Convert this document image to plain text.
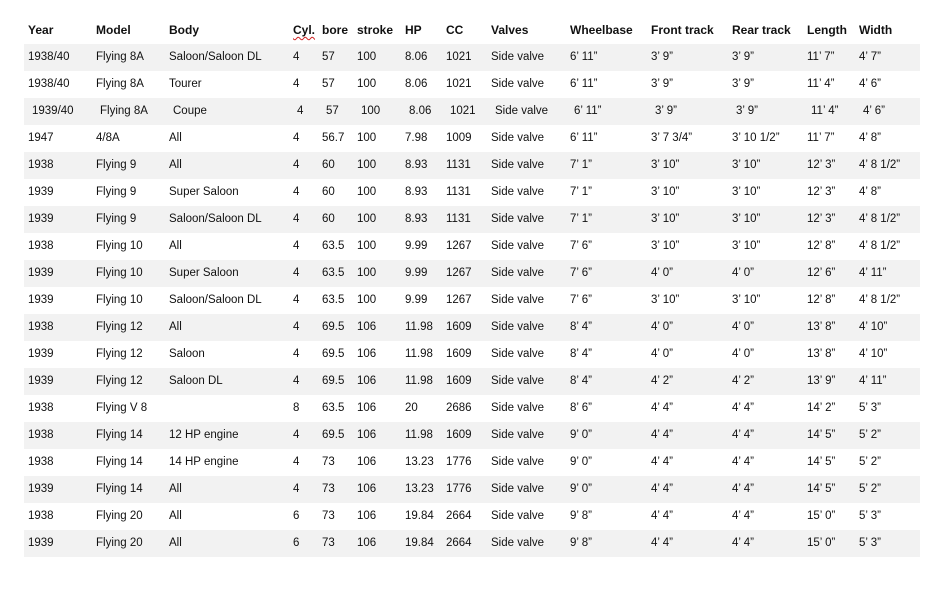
Year	Model	Body	Cyl.	bore	stroke	HP	CC	Valves	Wheelbase	Front track	Rear track	Length	Width
1938/40	Flying 8A	Saloon/Saloon DL	4	57	100	8.06	1021	Side valve	6’ 11”	3’ 9”	3’ 9”	11’ 7”	4’ 7”
1938/40	Flying 8A	Tourer	4	57	100	8.06	1021	Side valve	6’ 11”	3’ 9”	3’ 9”	11’ 4”	4’ 6”
1939/40	Flying 8A	Coupe	4	57	100	8.06	1021	Side valve	6’ 11”	3’ 9”	3’ 9”	11’ 4”	4’ 6”
1947	4/8A	All	4	56.7	100	7.98	1009	Side valve	6’ 11”	3’ 7 3/4”	3’ 10 1/2”	11’ 7”	4’ 8”
1938	Flying 9	All	4	60	100	8.93	1131	Side valve	7’ 1”	3’ 10”	3’ 10”	12’ 3”	4’ 8 1/2”
1939	Flying 9	Super Saloon	4	60	100	8.93	1131	Side valve	7’ 1”	3’ 10”	3’ 10”	12’ 3”	4’ 8”
1939	Flying 9	Saloon/Saloon DL	4	60	100	8.93	1131	Side valve	7’ 1”	3’ 10”	3’ 10”	12’ 3”	4’ 8 1/2”
1938	Flying 10	All	4	63.5	100	9.99	1267	Side valve	7’ 6”	3’ 10”	3’ 10”	12’ 8”	4’ 8 1/2”
1939	Flying 10	Super Saloon	4	63.5	100	9.99	1267	Side valve	7’ 6”	4’ 0”	4’ 0”	12’ 6”	4’ 11”
1939	Flying 10	Saloon/Saloon DL	4	63.5	100	9.99	1267	Side valve	7’ 6”	3’ 10”	3’ 10”	12’ 8”	4’ 8 1/2”
1938	Flying 12	All	4	69.5	106	11.98	1609	Side valve	8’ 4”	4’ 0”	4’ 0”	13’ 8”	4’ 10”
1939	Flying 12	Saloon	4	69.5	106	11.98	1609	Side valve	8’ 4”	4’ 0”	4’ 0”	13’ 8”	4’ 10”
1939	Flying 12	Saloon DL	4	69.5	106	11.98	1609	Side valve	8’ 4”	4’ 2”	4’ 2”	13’ 9”	4’ 11”
1938	Flying V 8		8	63.5	106	20	2686	Side valve	8’ 6”	4’ 4”	4’ 4”	14’ 2”	5’ 3”
1938	Flying 14	12 HP engine	4	69.5	106	11.98	1609	Side valve	9’ 0”	4’ 4”	4’ 4”	14’ 5”	5’ 2”
1938	Flying 14	14 HP engine	4	73	106	13.23	1776	Side valve	9’ 0”	4’ 4”	4’ 4”	14’ 5”	5’ 2”
1939	Flying 14	All	4	73	106	13.23	1776	Side valve	9’ 0”	4’ 4”	4’ 4”	14’ 5”	5’ 2”
1938	Flying 20	All	6	73	106	19.84	2664	Side valve	9’ 8”	4’ 4”	4’ 4”	15’ 0”	5’ 3”
1939	Flying 20	All	6	73	106	19.84	2664	Side valve	9’ 8”	4’ 4”	4’ 4”	15’ 0”	5’ 3”
